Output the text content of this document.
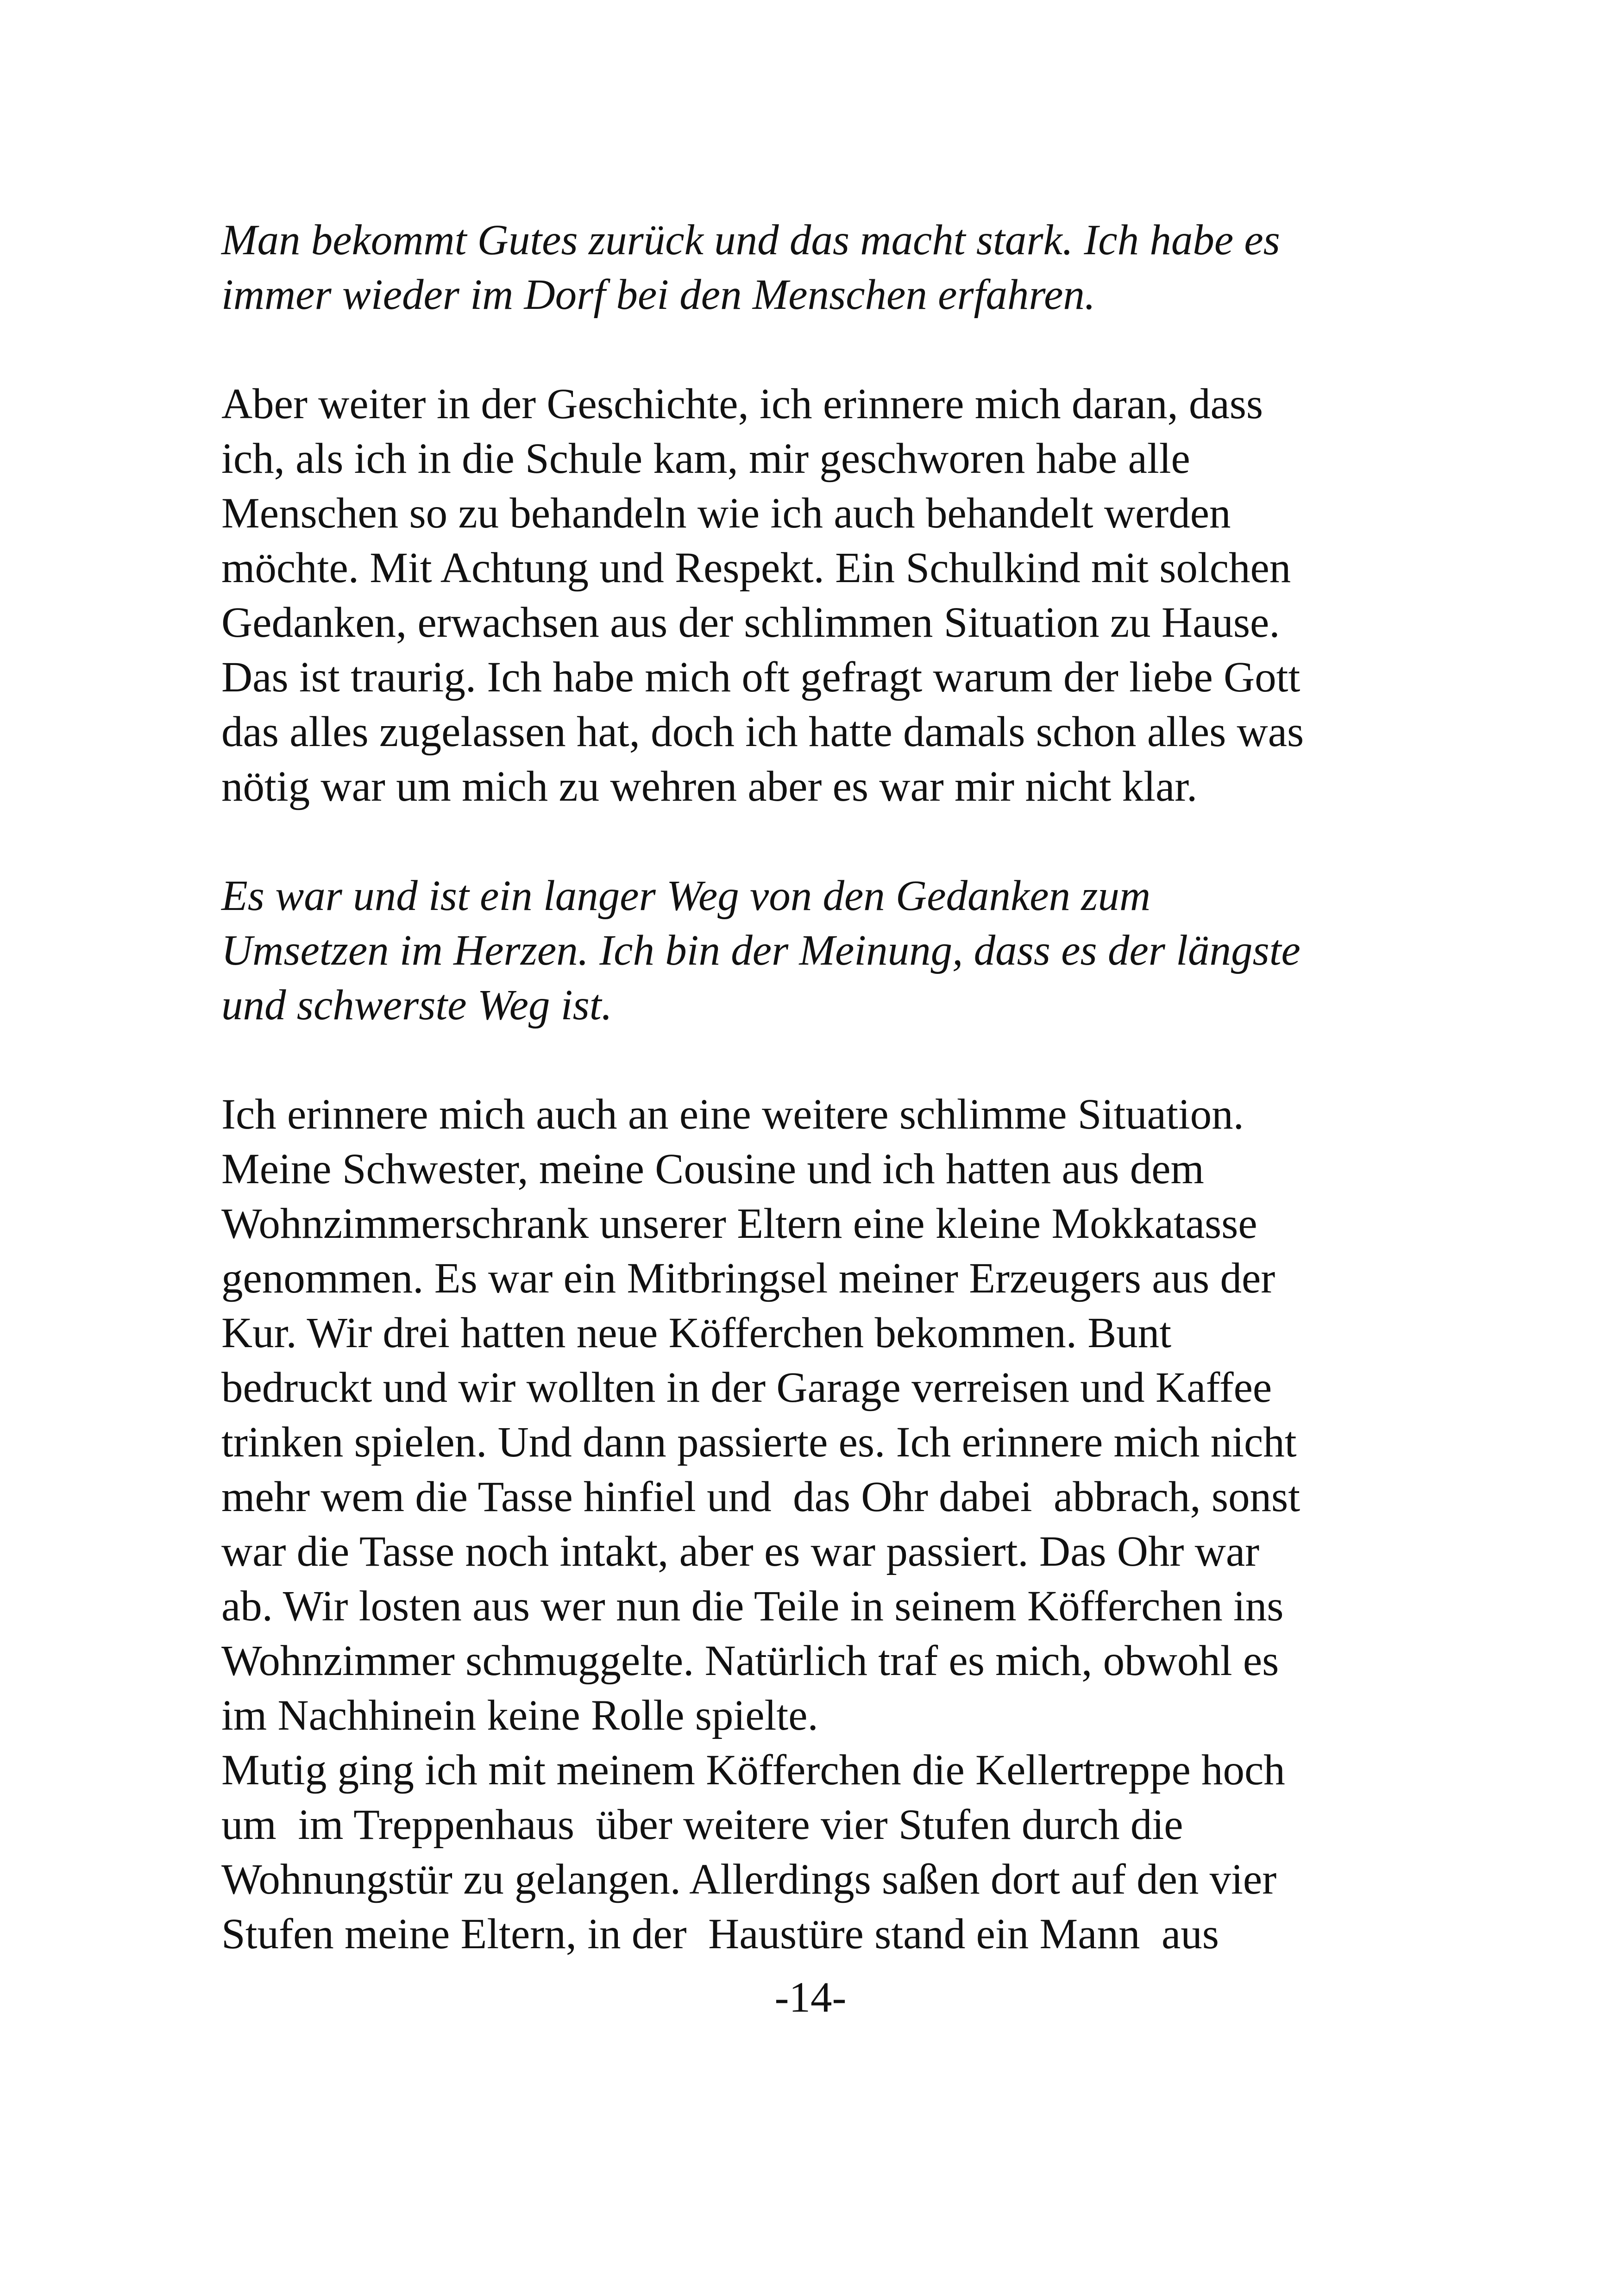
Man bekommt Gutes zurück und das macht stark. Ich habe es
immer wieder im Dorf bei den Menschen erfahren.

Aber weiter in der Geschichte, ich erinnere mich daran, dass
ich, als ich in die Schule kam, mir geschworen habe alle
Menschen so zu behandeln wie ich auch behandelt werden
möchte. Mit Achtung und Respekt. Ein Schulkind mit solchen
Gedanken, erwachsen aus der schlimmen Situation zu Hause.
Das ist traurig. Ich habe mich oft gefragt warum der liebe Gott
das alles zugelassen hat, doch ich hatte damals schon alles was
nötig war um mich zu wehren aber es war mir nicht klar.

Es war und ist ein langer Weg von den Gedanken zum
Umsetzen im Herzen. Ich bin der Meinung, dass es der längste
und schwerste Weg ist.

Ich erinnere mich auch an eine weitere schlimme Situation.
Meine Schwester, meine Cousine und ich hatten aus dem
Wohnzimmerschrank unserer Eltern eine kleine Mokkatasse
genommen. Es war ein Mitbringsel meiner Erzeugers aus der
Kur. Wir drei hatten neue Köfferchen bekommen. Bunt
bedruckt und wir wollten in der Garage verreisen und Kaffee
trinken spielen. Und dann passierte es. Ich erinnere mich nicht
mehr wem die Tasse hinfiel und  das Ohr dabei  abbrach, sonst
war die Tasse noch intakt, aber es war passiert. Das Ohr war
ab. Wir losten aus wer nun die Teile in seinem Köfferchen ins
Wohnzimmer schmuggelte. Natürlich traf es mich, obwohl es
im Nachhinein keine Rolle spielte.

Mutig ging ich mit meinem Köfferchen die Kellertreppe hoch
um  im Treppenhaus  über weitere vier Stufen durch die
Wohnungstür zu gelangen. Allerdings saßen dort auf den vier
Stufen meine Eltern, in der  Haustüre stand ein Mann  aus

-14-
